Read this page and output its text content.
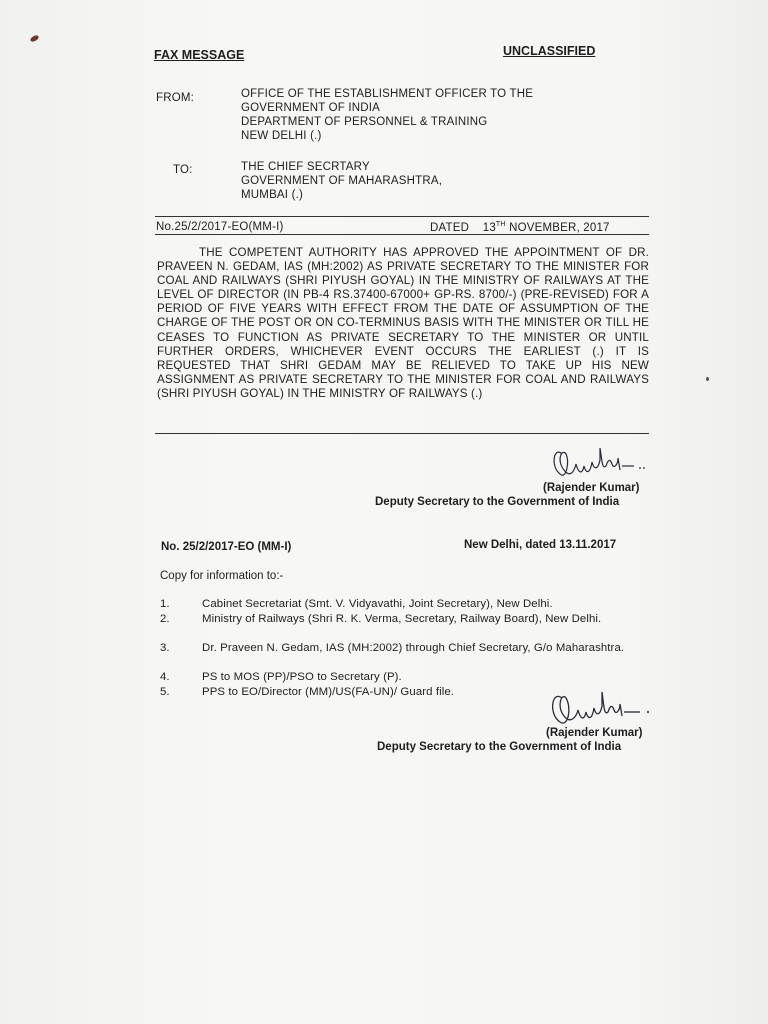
FAX MESSAGE	UNCLASSIFIED
FROM:	OFFICE OF THE ESTABLISHMENT OFFICER TO THE
GOVERNMENT OF INDIA
DEPARTMENT OF PERSONNEL & TRAINING
NEW DELHI (.)
TO:	THE CHIEF SECRTARY
GOVERNMENT OF MAHARASHTRA,
MUMBAI (.)
No.25/2/2017-EO(MM-I)	DATED 13TH NOVEMBER, 2017
THE COMPETENT AUTHORITY HAS APPROVED THE APPOINTMENT OF DR. PRAVEEN N. GEDAM, IAS (MH:2002) AS PRIVATE SECRETARY TO THE MINISTER FOR COAL AND RAILWAYS (SHRI PIYUSH GOYAL) IN THE MINISTRY OF RAILWAYS AT THE LEVEL OF DIRECTOR (IN PB-4 RS.37400-67000+ GP-RS. 8700/-) (PRE-REVISED) FOR A PERIOD OF FIVE YEARS WITH EFFECT FROM THE DATE OF ASSUMPTION OF THE CHARGE OF THE POST OR ON CO-TERMINUS BASIS WITH THE MINISTER OR TILL HE CEASES TO FUNCTION AS PRIVATE SECRETARY TO THE MINISTER OR UNTIL FURTHER ORDERS, WHICHEVER EVENT OCCURS THE EARLIEST (.) IT IS REQUESTED THAT SHRI GEDAM MAY BE RELIEVED TO TAKE UP HIS NEW ASSIGNMENT AS PRIVATE SECRETARY TO THE MINISTER FOR COAL AND RAILWAYS (SHRI PIYUSH GOYAL) IN THE MINISTRY OF RAILWAYS (.)
(Rajender Kumar)
Deputy Secretary to the Government of India
No. 25/2/2017-EO (MM-I)	New Delhi, dated 13.11.2017
Copy for information to:-
1.	Cabinet Secretariat (Smt. V. Vidyavathi, Joint Secretary), New Delhi.
2.	Ministry of Railways (Shri R. K. Verma, Secretary, Railway Board), New Delhi.
3.	Dr. Praveen N. Gedam, IAS (MH:2002) through Chief Secretary, G/o Maharashtra.
4.	PS to MOS (PP)/PSO to Secretary (P).
5.	PPS to EO/Director (MM)/US(FA-UN)/ Guard file.
(Rajender Kumar)
Deputy Secretary to the Government of India
